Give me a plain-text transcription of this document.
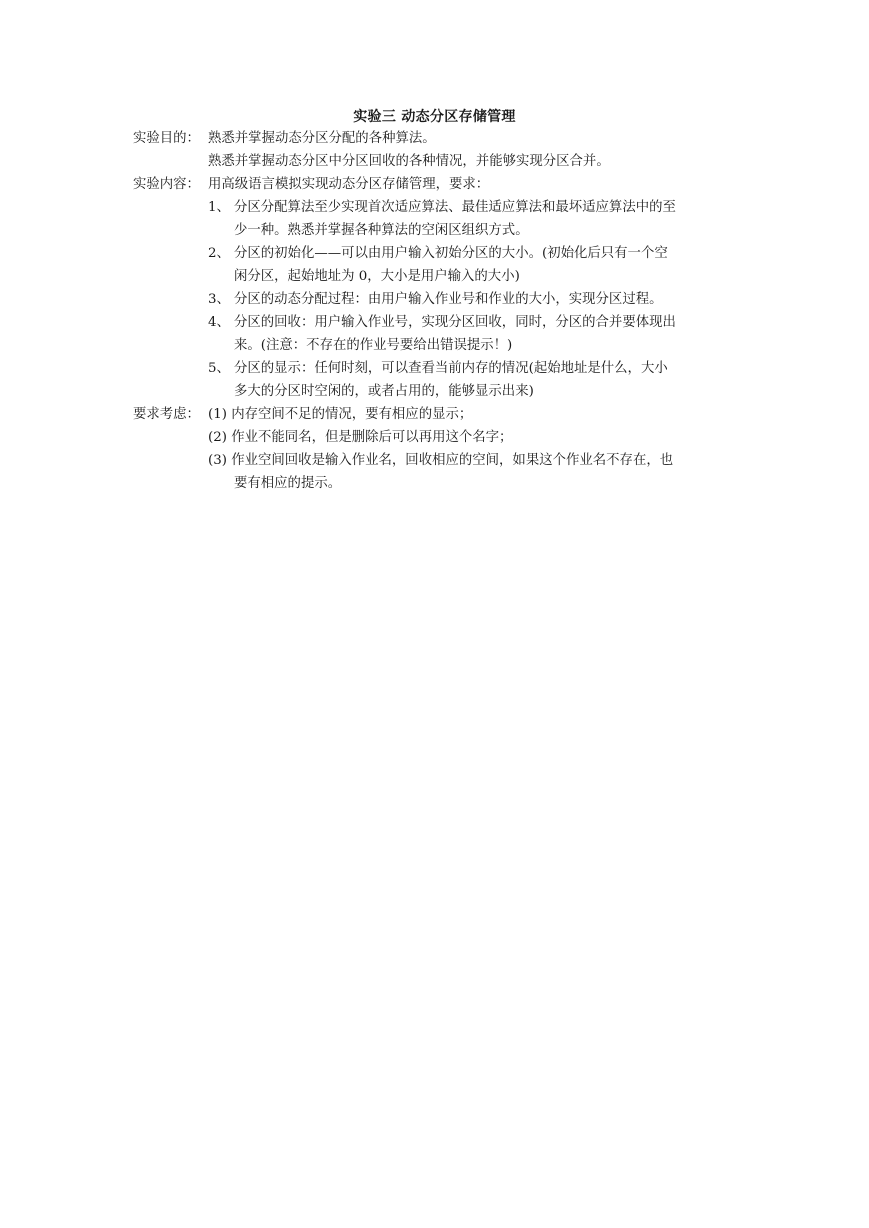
实验三 动态分区存储管理
实验目的： 熟悉并掌握动态分区分配的各种算法。
熟悉并掌握动态分区中分区回收的各种情况，并能够实现分区合并。
实验内容： 用高级语言模拟实现动态分区存储管理，要求：
1、 分区分配算法至少实现首次适应算法、最佳适应算法和最坏适应算法中的至
少一种。熟悉并掌握各种算法的空闲区组织方式。
2、 分区的初始化——可以由用户输入初始分区的大小。(初始化后只有一个空
闲分区，起始地址为 0，大小是用户输入的大小)
3、 分区的动态分配过程：由用户输入作业号和作业的大小，实现分区过程。
4、 分区的回收：用户输入作业号，实现分区回收，同时，分区的合并要体现出
来。(注意：不存在的作业号要给出错误提示！)
5、 分区的显示：任何时刻，可以查看当前内存的情况(起始地址是什么，大小
多大的分区时空闲的，或者占用的，能够显示出来)
要求考虑： (1) 内存空间不足的情况，要有相应的显示；
(2) 作业不能同名，但是删除后可以再用这个名字；
(3) 作业空间回收是输入作业名，回收相应的空间，如果这个作业名不存在，也
要有相应的提示。
